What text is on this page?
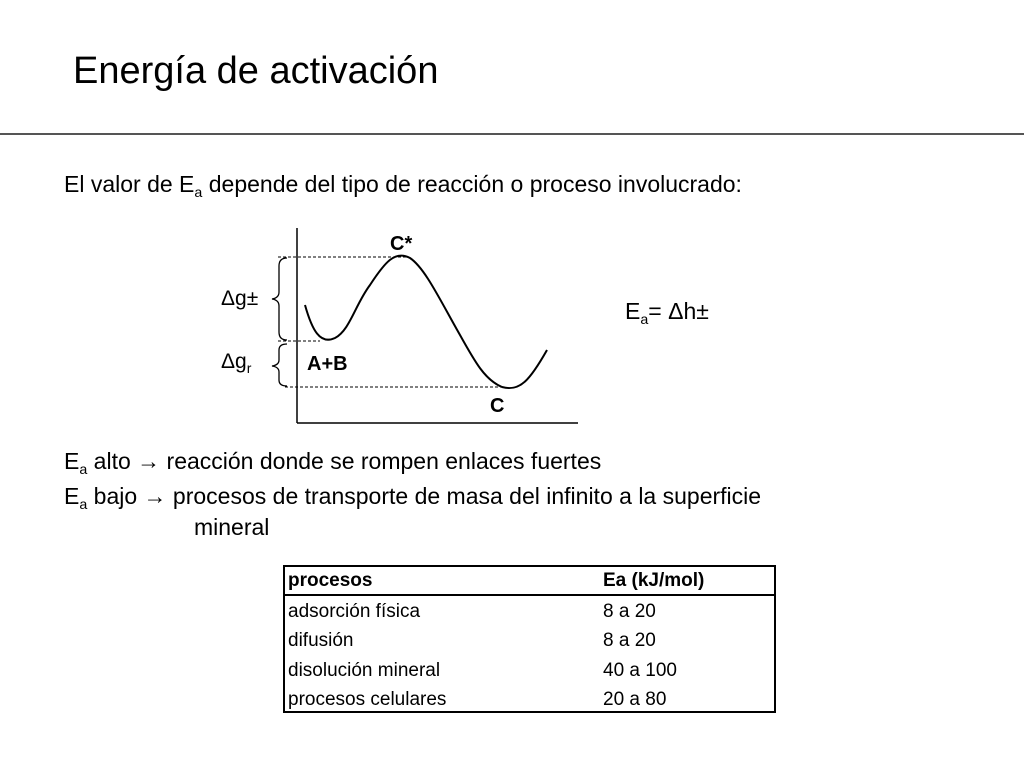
Energía de activación
El valor de $E_a$ depende del tipo de reacción o proceso involucrado:
C*
A+B
C
Δg±
$\Delta g_r$
$E_a= \Delta h\pm$
$E_a$ alto → reacción donde se rompen enlaces fuertes
$E_a$ bajo → procesos de transporte de masa del infinito a la superficie
mineral
procesos	Ea (kJ/mol)
adsorción física	8 a 20
difusión	8 a 20
disolución mineral	40 a 100
procesos celulares	20 a 80
